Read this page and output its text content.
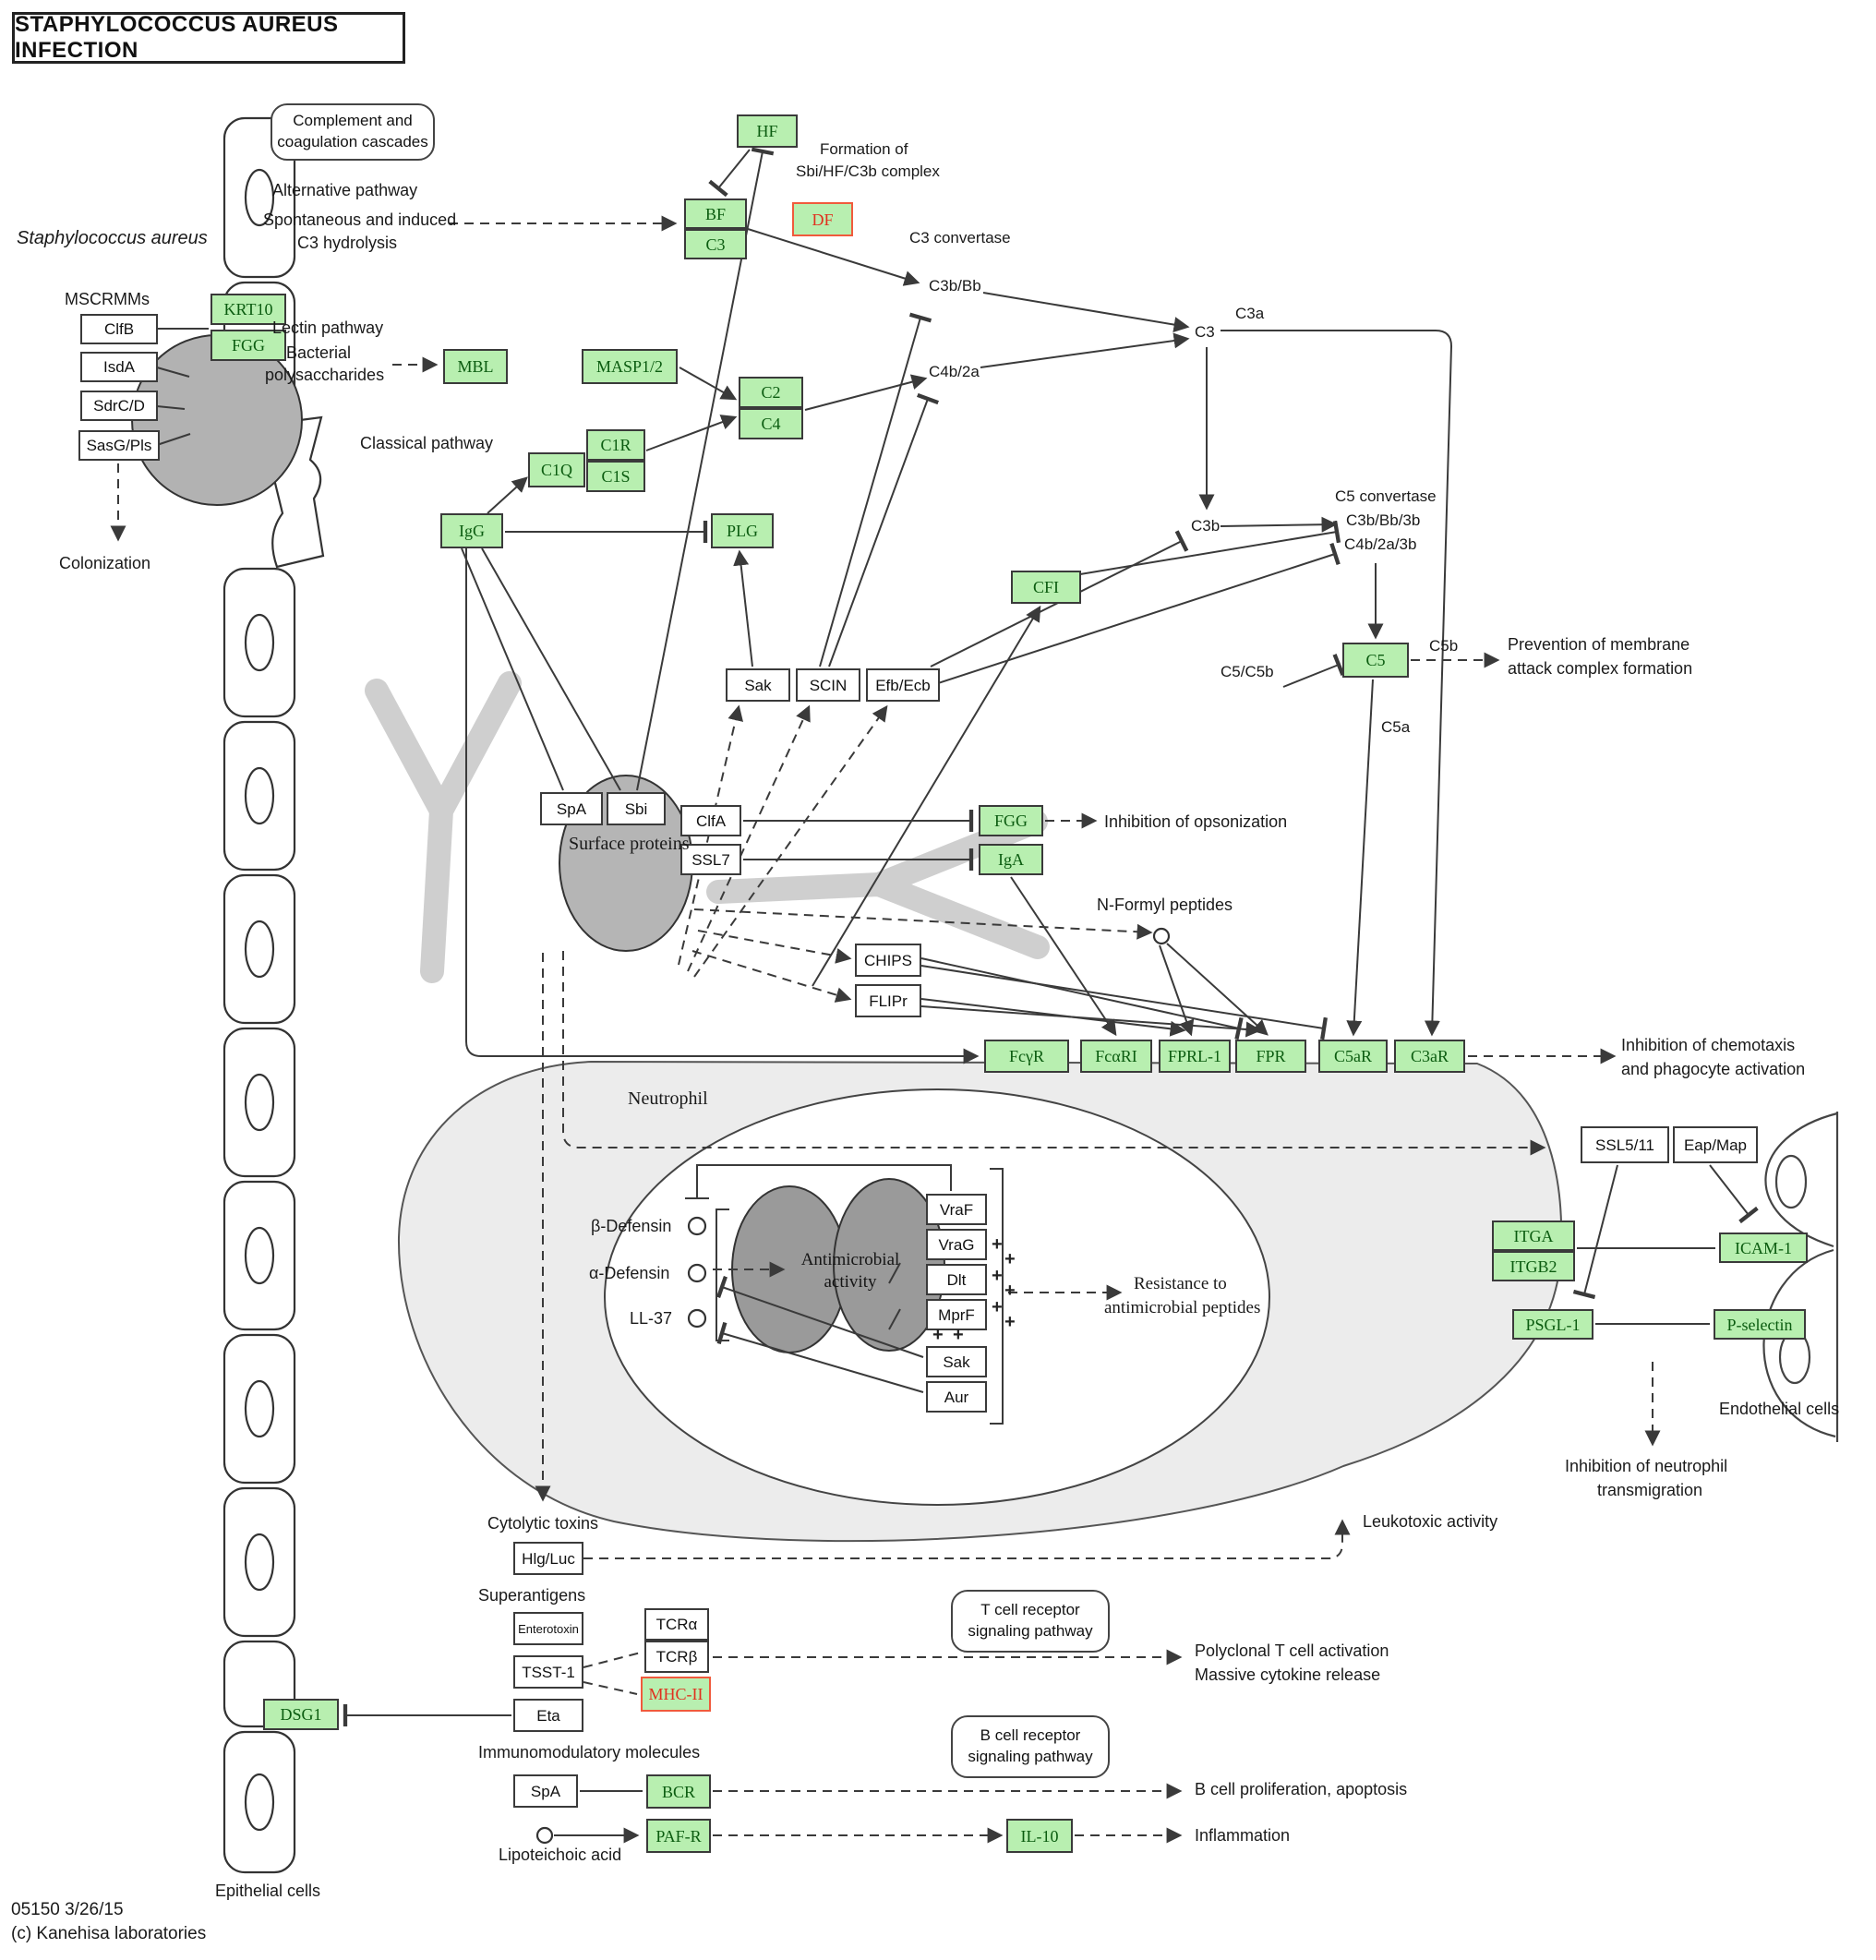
STAPHYLOCOCCUS AUREUS INFECTION
Complement and
coagulation cascades
T cell receptor
signaling pathway
B cell receptor
signaling pathway
KRT10
FGG
HF
BF
C3
DF
MBL	MASP1/2
C2
C4
C1Q
C1R
C1S
IgG	PLG
CFI
C5
FGG
IgA
FcγR	FcαRI	FPRL-1	FPR	C5aR	C3aR
ITGA
ITGB2
ICAM-1
PSGL-1	P-selectin
DSG1
MHC-II
BCR
PAF-R	IL-10
ClfB
IsdA
SdrC/D
SasG/Pls
Sak	SCIN	Efb/Ecb
SpA	Sbi
ClfA
SSL7
CHIPS
FLIPr
SSL5/11	Eap/Map
VraF
VraG
Dlt
MprF
Sak
Aur
Hlg/Luc
Enterotoxin
TSST-1
Eta
TCRα
TCRβ
SpA
Staphylococcus aureus
MSCRMMs
Colonization
Alternative pathway
Spontaneous and induced
C3 hydrolysis
Lectin pathway
Bacterial
polysaccharides
Classical pathway
Formation of
Sbi/HF/C3b complex
C3 convertase
C3b/Bb
C4b/2a
C3
C3a
C3b
C5 convertase
C3b/Bb/3b
C4b/2a/3b
C5/C5b
C5b
C5a
Prevention of membrane
attack complex formation
Inhibition of opsonization
N-Formyl peptides
Inhibition of chemotaxis
and phagocyte activation
Neutrophil
Surface proteins
Antimicrobial
activity
β-Defensin
α-Defensin
LL-37
Resistance to
antimicrobial peptides
Endothelial cells
Inhibition of neutrophil
transmigration
Leukotoxic activity
Cytolytic toxins
Superantigens
Immunomodulatory molecules
Polyclonal T cell activation
Massive cytokine release
B cell proliferation, apoptosis
Inflammation
Lipoteichoic acid
Epithelial cells
05150 3/26/15
(c) Kanehisa laboratories
+
+
+
+
+
+
+ +
